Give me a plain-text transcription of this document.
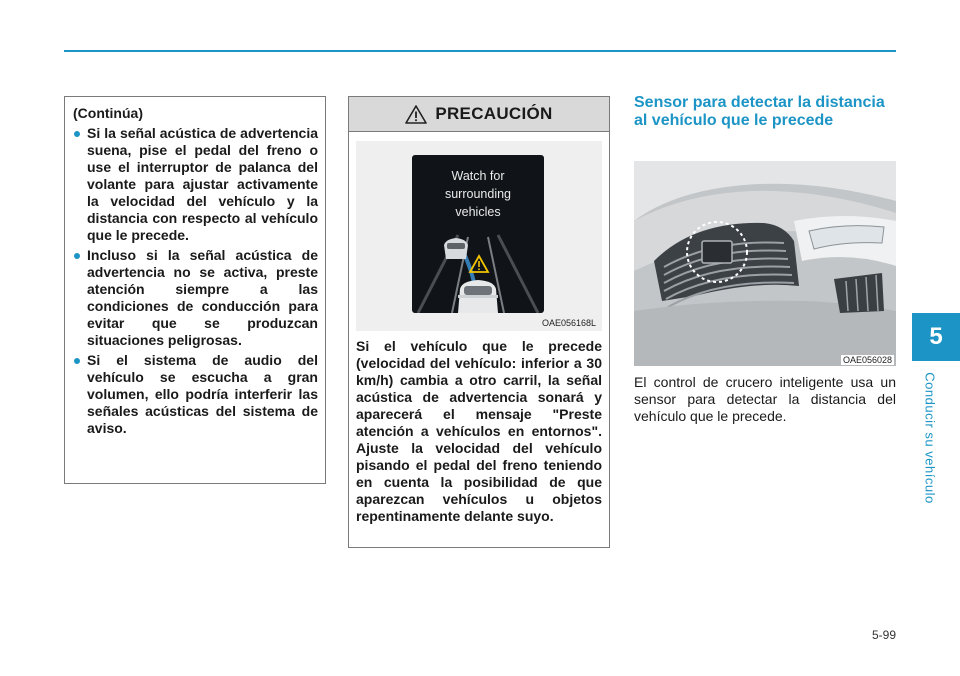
5
Conducir su vehículo
5-99
(Continúa)
Si la señal acústica de advertencia suena, pise el pedal del freno o use el interruptor de palanca del volante para ajustar activamente la velocidad del vehículo y la distancia con respecto al vehículo que le precede.
Incluso si la señal acústica de advertencia no se activa, preste atención siempre a las condiciones de conducción para evitar que se produzcan situaciones peligrosas.
Si el sistema de audio del vehículo se escucha a gran volumen, ello podría interferir las señales acústicas del sistema de aviso.
PRECAUCIÓN
Watch for
surrounding
vehicles
OAE056168L

Si el vehículo que le precede (velocidad del vehículo: inferior a 30 km/h) cambia a otro carril, la señal acústica de advertencia sonará y aparecerá el mensaje "Preste atención a vehículos en entornos". Ajuste la velocidad del vehículo pisando el pedal del freno teniendo en cuenta la posibilidad de que aparezcan vehículos u objetos repentinamente delante suyo.

Sensor para detectar la distancia al vehículo que le precede
OAE056028

El control de crucero inteligente usa un sensor para detectar la distancia del vehículo que le precede.
